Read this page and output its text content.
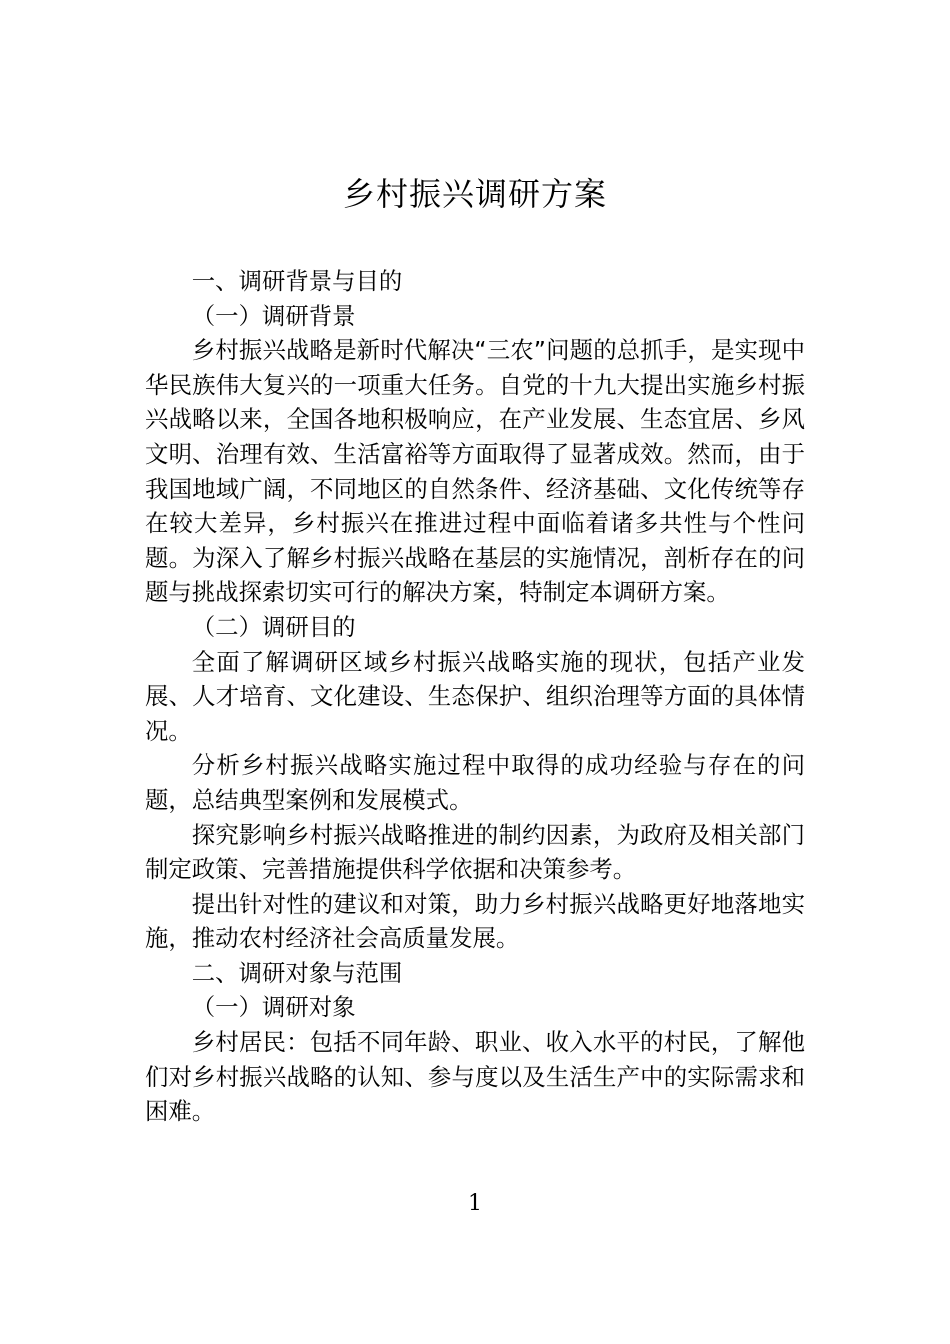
乡村振兴调研方案

一、调研背景与目的

（一）调研背景

乡村振兴战略是新时代解决“三农”问题的总抓手，是实现中华民族伟大复兴的一项重大任务。自党的十九大提出实施乡村振兴战略以来，全国各地积极响应，在产业发展、生态宜居、乡风文明、治理有效、生活富裕等方面取得了显著成效。然而，由于我国地域广阔，不同地区的自然条件、经济基础、文化传统等存在较大差异，乡村振兴在推进过程中面临着诸多共性与个性问题。为深入了解乡村振兴战略在基层的实施情况，剖析存在的问题与挑战探索切实可行的解决方案，特制定本调研方案。

（二）调研目的

全面了解调研区域乡村振兴战略实施的现状，包括产业发展、人才培育、文化建设、生态保护、组织治理等方面的具体情况。

分析乡村振兴战略实施过程中取得的成功经验与存在的问题，总结典型案例和发展模式。

探究影响乡村振兴战略推进的制约因素，为政府及相关部门制定政策、完善措施提供科学依据和决策参考。

提出针对性的建议和对策，助力乡村振兴战略更好地落地实施，推动农村经济社会高质量发展。

二、调研对象与范围

（一）调研对象

乡村居民：包括不同年龄、职业、收入水平的村民，了解他们对乡村振兴战略的认知、参与度以及生活生产中的实际需求和困难。

1
